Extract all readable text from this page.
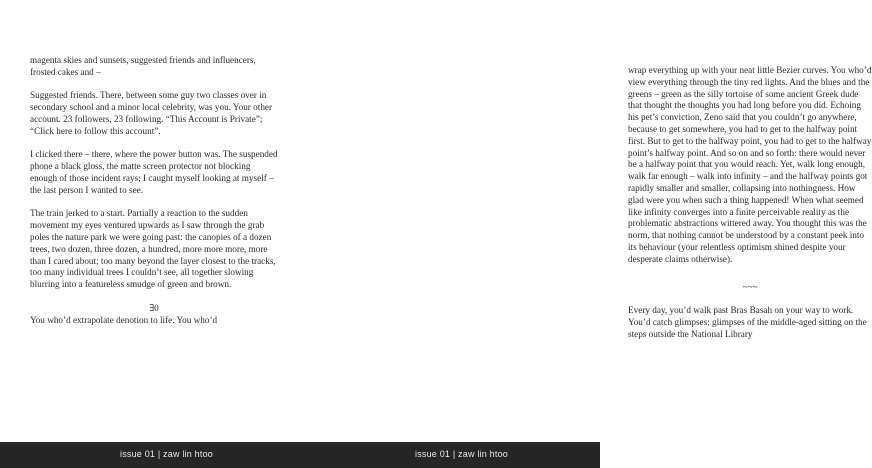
magenta skies and sunsets, suggested friends and influencers, frosted cakes and –

Suggested friends. There, between some guy two classes over in secondary school and a minor local celebrity, was you. Your other account. 23 followers, 23 following. “This Account is Private”; “Click here to follow this account”.

I clicked there – there, where the power button was. The suspended phone a black gloss, the matte screen protector not blocking enough of those incident rays; I caught myself looking at myself – the last person I wanted to see.

The train jerked to a start. Partially a reaction to the sudden movement my eyes ventured upwards as I saw through the grab poles the nature park we were going past: the canopies of a dozen trees, two dozen, three dozen, a hundred, more more more, more than I cared about; too many beyond the layer closest to the tracks, too many individual trees I couldn’t see, all together slowing blurring into a featureless smudge of green and brown.

∃0
You who’d extrapolate denotion to life. You who’d

wrap everything up with your neat little Bezier curves. You who’d view everything through the tiny red lights. And the blues and the greens – green as the silly tortoise of some ancient Greek dude that thought the thoughts you had long before you did. Echoing his pet’s conviction, Zeno said that you couldn’t go anywhere, because to get somewhere, you had to get to the halfway point first. But to get to the halfway point, you had to get to the halfway point’s halfway point. And so on and so forth: there would never be a halfway point that you would reach. Yet, walk long enough, walk far enough – walk into infinity – and the halfway points got rapidly smaller and smaller, collapsing into nothingness. How glad were you when such a thing happened! When what seemed like infinity converges into a finite perceivable reality as the problematic abstractions wittered away. You thought this was the norm, that nothing cannot be understood by a constant peek into its behaviour (your relentless optimism shined despite your desperate claims otherwise).

~~~
Every day, you’d walk past Bras Basah on your way to work. You’d catch glimpses; glimpses of the middle-aged sitting on the steps outside the National Library
issue 01 | zaw lin htoo	issue 01 | zaw lin htoo
